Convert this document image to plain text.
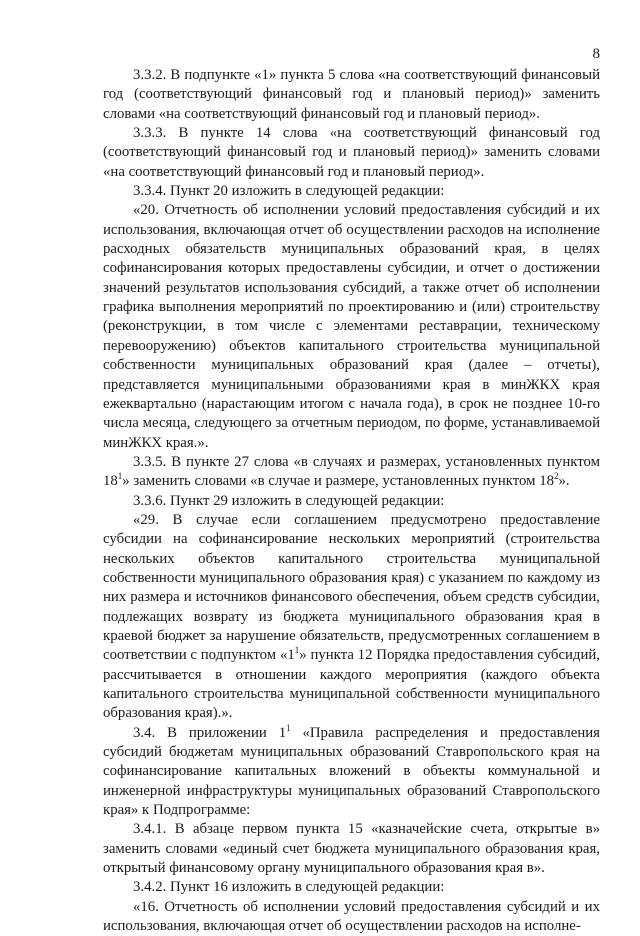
8

3.3.2. В подпункте «1» пункта 5 слова «на соответствующий финансовый год (соответствующий финансовый год и плановый период)» заменить словами «на соответствующий финансовый год и плановый период».

3.3.3. В пункте 14 слова «на соответствующий финансовый год (соответствующий финансовый год и плановый период)» заменить словами «на соответствующий финансовый год и плановый период».

3.3.4. Пункт 20 изложить в следующей редакции:

«20. Отчетность об исполнении условий предоставления субсидий и их использования, включающая отчет об осуществлении расходов на исполнение расходных обязательств муниципальных образований края, в целях софинансирования которых предоставлены субсидии, и отчет о достижении значений результатов использования субсидий, а также отчет об исполнении графика выполнения мероприятий по проектированию и (или) строительству (реконструкции, в том числе с элементами реставрации, техническому перевооружению) объектов капитального строительства муниципальной собственности муниципальных образований края (далее – отчеты), представляется муниципальными образованиями края в минЖКХ края ежеквартально (нарастающим итогом с начала года), в срок не позднее 10-го числа месяца, следующего за отчетным периодом, по форме, устанавливаемой минЖКХ края.».

3.3.5. В пункте 27 слова «в случаях и размерах, установленных пунктом $18^1$» заменить словами «в случае и размере, установленных пунктом $18^2$».

3.3.6. Пункт 29 изложить в следующей редакции:

«29. В случае если соглашением предусмотрено предоставление субсидии на софинансирование нескольких мероприятий (строительства нескольких объектов капитального строительства муниципальной собственности муниципального образования края) с указанием по каждому из них размера и источников финансового обеспечения, объем средств субсидии, подлежащих возврату из бюджета муниципального образования края в краевой бюджет за нарушение обязательств, предусмотренных соглашением в соответствии с подпунктом «$1^1$» пункта 12 Порядка предоставления субсидий, рассчитывается в отношении каждого мероприятия (каждого объекта капитального строительства муниципальной собственности муниципального образования края).».

3.4. В приложении $1^1$ «Правила распределения и предоставления субсидий бюджетам муниципальных образований Ставропольского края на софинансирование капитальных вложений в объекты коммунальной и инженерной инфраструктуры муниципальных образований Ставропольского края» к Подпрограмме:

3.4.1. В абзаце первом пункта 15 «казначейские счета, открытые в» заменить словами «единый счет бюджета муниципального образования края, открытый финансовому органу муниципального образования края в».

3.4.2. Пункт 16 изложить в следующей редакции:

«16. Отчетность об исполнении условий предоставления субсидий и их использования, включающая отчет об осуществлении расходов на исполне-
